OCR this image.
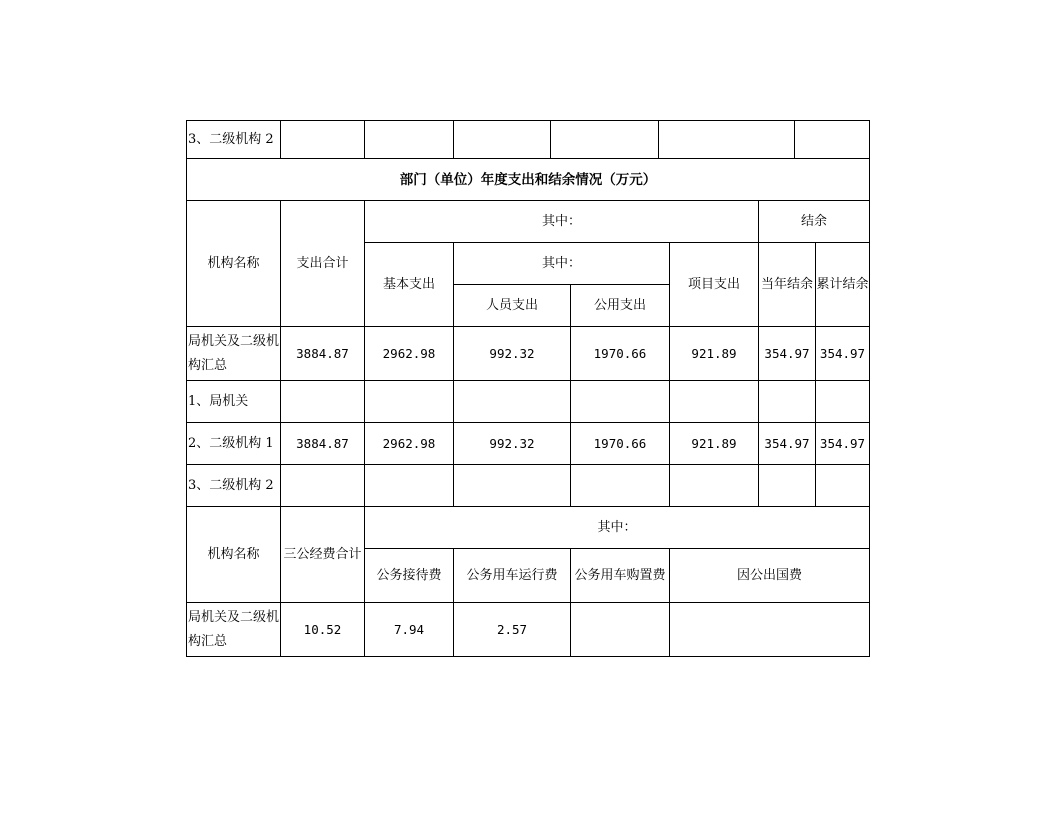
3、二级机构 2						
部门（单位）年度支出和结余情况（万元）							
机构名称	支出合计	其中：				结余	
		基本支出	其中：		项目支出	当年结余	累计结余
			人员支出	公用支出			
局机关及二级机构汇总	3884.87	2962.98	992.32	1970.66	921.89	354.97	354.97
1、局机关							
2、二级机构 1	3884.87	2962.98	992.32	1970.66	921.89	354.97	354.97
3、二级机构 2							
机构名称	三公经费合计	其中：			
		公务接待费	公务用车运行费	公务用车购置费	因公出国费
局机关及二级机构汇总	10.52	7.94	2.57		
